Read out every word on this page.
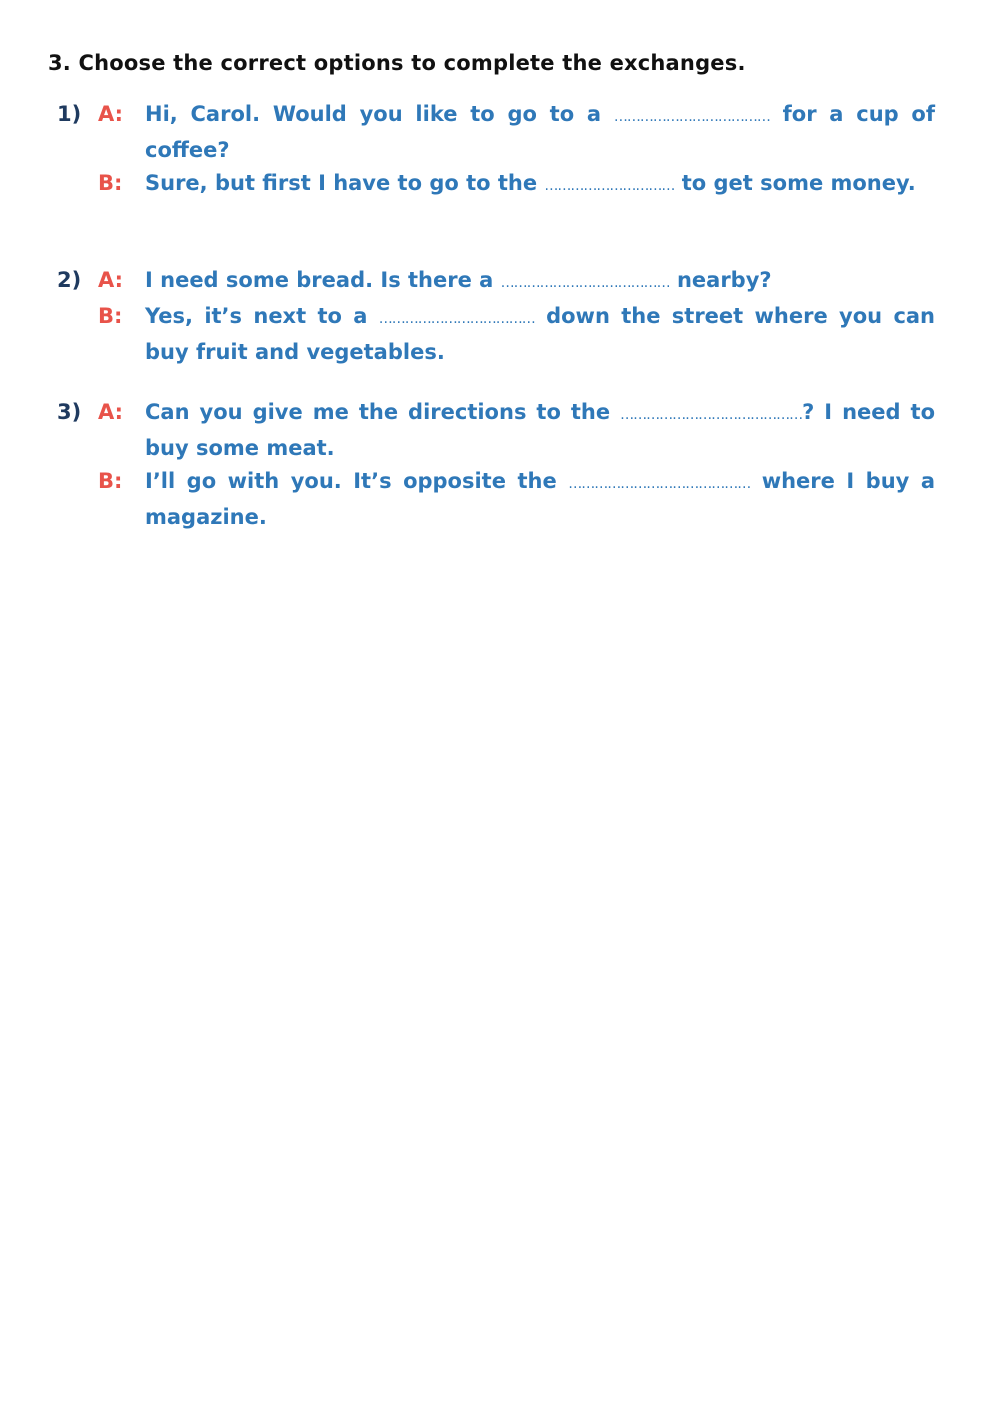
3. Choose the correct options to complete the exchanges.
1) A: Hi, Carol. Would you like to go to a ……………………………… for a cup of coffee?
B: Sure, but first I have to go to the ………………………… to get some money.
2) A: I need some bread. Is there a ………………………………… nearby?
B: Yes, it’s next to a ……………………………… down the street where you can buy fruit and vegetables.
3) A: Can you give me the directions to the ……………………………………? I need to buy some meat.
B: I’ll go with you. It’s opposite the …………………………………… where I buy a magazine.
